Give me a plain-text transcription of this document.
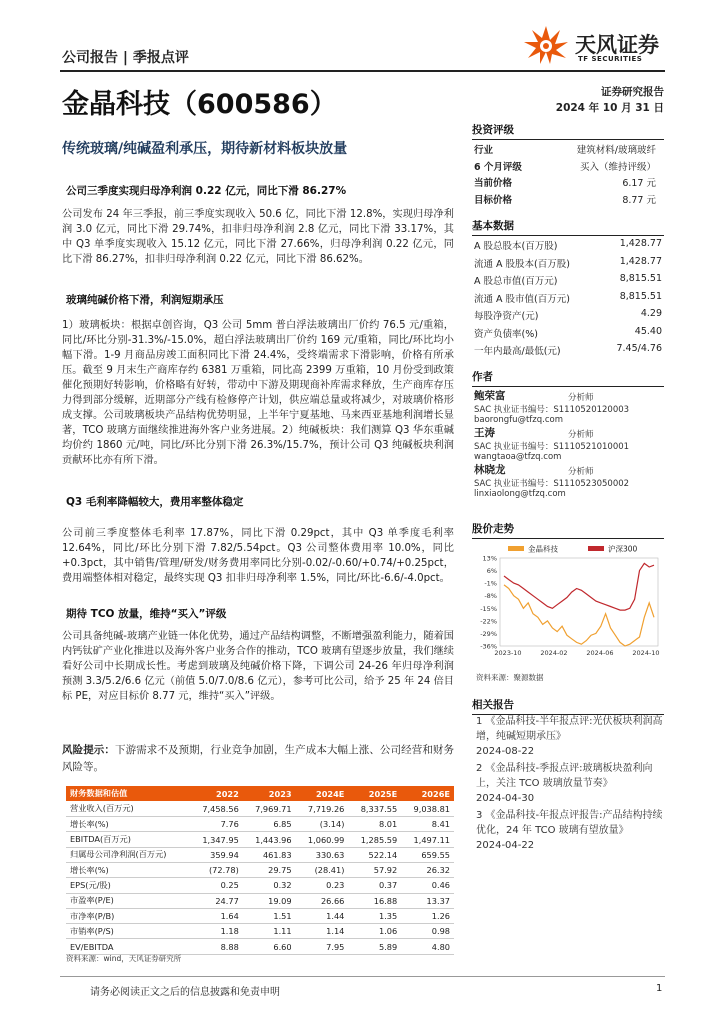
公司报告 | 季报点评
天风证券
TF SECURITIES
金晶科技（600586）	证券研究报告
2024 年 10 月 31 日
传统玻璃/纯碱盈利承压，期待新材料板块放量
公司三季度实现归母净利润 0.22 亿元，同比下滑 86.27%
公司发布 24 年三季报，前三季度实现收入 50.6 亿，同比下滑 12.8%，实现归母净利润 3.0 亿元，同比下滑 29.74%，扣非归母净利润 2.8 亿元，同比下滑 33.17%，其中 Q3 单季度实现收入 15.12 亿元，同比下滑 27.66%，归母净利润 0.22 亿元，同比下滑 86.27%，扣非归母净利润 0.22 亿元，同比下滑 86.62%。
玻璃纯碱价格下滑，利润短期承压
1）玻璃板块：根据卓创咨询，Q3 公司 5mm 普白浮法玻璃出厂价约 76.5 元/重箱，同比/环比分别-31.3%/-15.0%，超白浮法玻璃出厂价约 169 元/重箱，同比/环比均小幅下滑。1-9 月商品房竣工面积同比下滑 24.4%，受终端需求下滑影响，价格有所承压。截至 9 月末生产商库存约 6381 万重箱，同比高 2399 万重箱，10 月份受到政策催化预期好转影响，价格略有好转，带动中下游及期现商补库需求释放，生产商库存压力得到部分缓解，近期部分产线有检修停产计划，供应端总量或将减少，对玻璃价格形成支撑。公司玻璃板块产品结构优势明显，上半年宁夏基地、马来西亚基地利润增长显著，TCO 玻璃方面继续推进海外客户业务进展。2）纯碱板块：我们测算 Q3 华东重碱均价约 1860 元/吨，同比/环比分别下滑 26.3%/15.7%，预计公司 Q3 纯碱板块利润贡献环比亦有所下滑。
Q3 毛利率降幅较大，费用率整体稳定
公司前三季度整体毛利率 17.87%，同比下滑 0.29pct，其中 Q3 单季度毛利率 12.64%，同比/环比分别下滑 7.82/5.54pct。Q3 公司整体费用率 10.0%，同比+0.3pct，其中销售/管理/研发/财务费用率同比分别-0.02/-0.60/+0.74/+0.25pct，费用端整体相对稳定，最终实现 Q3 扣非归母净利率 1.5%，同比/环比-6.6/-4.0pct。
期待 TCO 放量，维持“买入”评级
公司具备纯碱-玻璃产业链一体化优势，通过产品结构调整，不断增强盈利能力，随着国内钙钛矿产业化推进以及海外客户业务合作的推动，TCO 玻璃有望逐步放量，我们继续看好公司中长期成长性。考虑到玻璃及纯碱价格下降，下调公司 24-26 年归母净利润预测 3.3/5.2/6.6 亿元（前值 5.0/7.0/8.6 亿元），参考可比公司，给予 25 年 24 倍目标 PE，对应目标价 8.77 元，维持“买入”评级。
风险提示：下游需求不及预期，行业竞争加剧，生产成本大幅上涨、公司经营和财务风险等。
财务数据和估值	2022	2023	2024E	2025E	2026E
营业收入(百万元)	7,458.56	7,969.71	7,719.26	8,337.55	9,038.81
增长率(%)	7.76	6.85	(3.14)	8.01	8.41
EBITDA(百万元)	1,347.95	1,443.96	1,060.99	1,285.59	1,497.11
归属母公司净利润(百万元)	359.94	461.83	330.63	522.14	659.55
增长率(%)	(72.78)	29.75	(28.41)	57.92	26.32
EPS(元/股)	0.25	0.32	0.23	0.37	0.46
市盈率(P/E)	24.77	19.09	26.66	16.88	13.37
市净率(P/B)	1.64	1.51	1.44	1.35	1.26
市销率(P/S)	1.18	1.11	1.14	1.06	0.98
EV/EBITDA	8.88	6.60	7.95	5.89	4.80
资料来源：wind，天风证券研究所
投资评级
行业	建筑材料/玻璃玻纤
6 个月评级	买入（维持评级）
当前价格	6.17 元
目标价格	8.77 元
基本数据
A 股总股本(百万股)	1,428.77
流通 A 股股本(百万股)	1,428.77
A 股总市值(百万元)	8,815.51
流通 A 股市值(百万元)	8,815.51
每股净资产(元)	4.29
资产负债率(%)	45.40
一年内最高/最低(元)	7.45/4.76
作者
鲍荣富	分析师
SAC 执业证书编号：S1110520120003
baorongfu@tfzq.com
王涛	分析师
SAC 执业证书编号：S1110521010001
wangtaoa@tfzq.com
林晓龙	分析师
SAC 执业证书编号：S1110523050002
linxiaolong@tfzq.com
股价走势
13%
6%
-1%
-8%
-15%
-22%
-29%
-36%
2023-10	2024-02	2024-06	2024-10
金晶科技	沪深300
资料来源：聚源数据
相关报告
1 《金晶科技-半年报点评:光伏板块利润高增，纯碱短期承压》
2024-08-22
2 《金晶科技-季报点评:玻璃板块盈利向上，关注 TCO 玻璃放量节奏》
2024-04-30
3 《金晶科技-年报点评报告:产品结构持续优化，24 年 TCO 玻璃有望放量》
2024-04-22
请务必阅读正文之后的信息披露和免责申明	1
